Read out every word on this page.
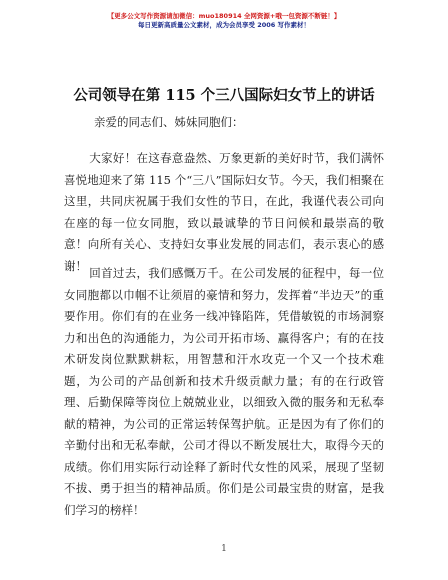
【更多公文写作资源请加微信：muo180914 全网资源+哦一包资源不断链！】
每日更新高质量公文素材，成为会员享受 2006 写作素材！
公司领导在第 115 个三八国际妇女节上的讲话
亲爱的同志们、姊妹同胞们：
大家好！在这春意盎然、万象更新的美好时节，我们满怀喜悦地迎来了第 115 个“三八”国际妇女节。今天，我们相聚在这里，共同庆祝属于我们女性的节日，在此，我谨代表公司向在座的每一位女同胞，致以最诚挚的节日问候和最崇高的敬意！向所有关心、支持妇女事业发展的同志们，表示衷心的感谢！
回首过去，我们感慨万千。在公司发展的征程中，每一位女同胞都以巾帼不让须眉的豪情和努力，发挥着“半边天”的重要作用。你们有的在业务一线冲锋陷阵，凭借敏锐的市场洞察力和出色的沟通能力，为公司开拓市场、赢得客户；有的在技术研发岗位默默耕耘，用智慧和汗水攻克一个又一个技术难题，为公司的产品创新和技术升级贡献力量；有的在行政管理、后勤保障等岗位上兢兢业业，以细致入微的服务和无私奉献的精神，为公司的正常运转保驾护航。正是因为有了你们的辛勤付出和无私奉献，公司才得以不断发展壮大，取得今天的成绩。你们用实际行动诠释了新时代女性的风采，展现了坚韧不拔、勇于担当的精神品质。你们是公司最宝贵的财富，是我们学习的榜样！
1
